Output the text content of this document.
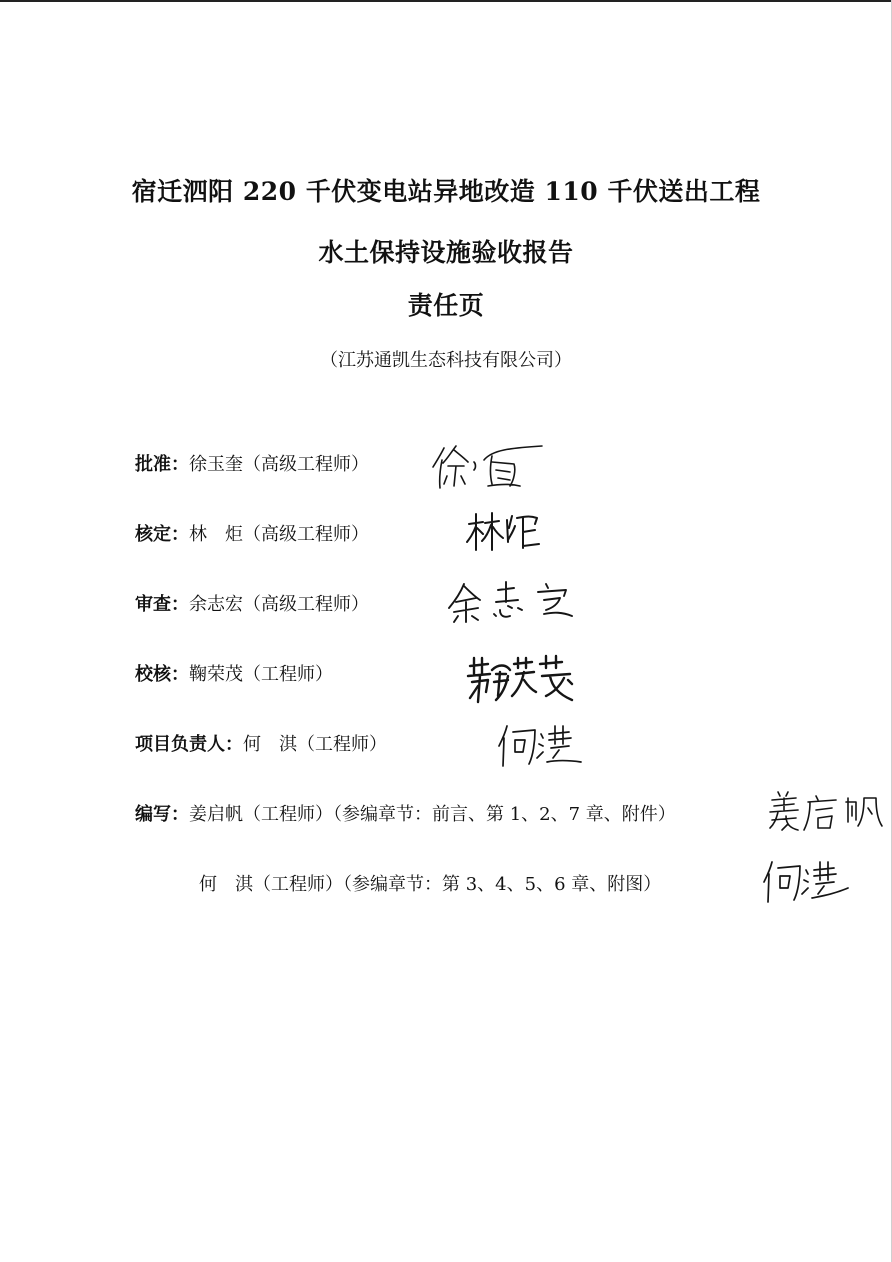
宿迁泗阳 220 千伏变电站异地改造 110 千伏送出工程
水土保持设施验收报告
责任页
（江苏通凯生态科技有限公司）
批准：徐玉奎（高级工程师）
核定：林　炬（高级工程师）
审查：余志宏（高级工程师）
校核：鞠荣茂（工程师）
项目负责人：何　淇（工程师）
编写：姜启帆（工程师）（参编章节：前言、第 1、2、7 章、附件）
何　淇（工程师）（参编章节：第 3、4、5、6 章、附图）
